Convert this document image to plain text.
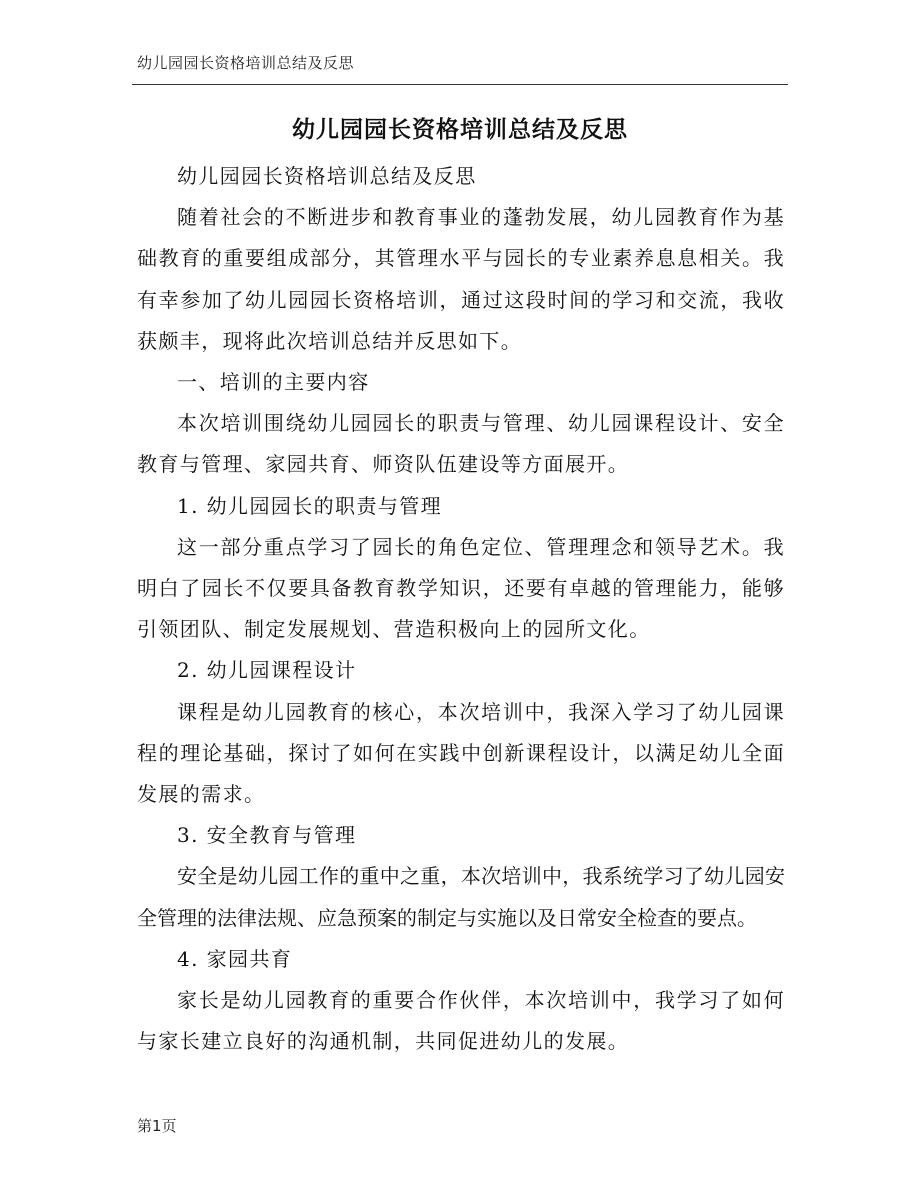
幼儿园园长资格培训总结及反思
幼儿园园长资格培训总结及反思

幼儿园园长资格培训总结及反思

随着社会的不断进步和教育事业的蓬勃发展，幼儿园教育作为基础教育的重要组成部分，其管理水平与园长的专业素养息息相关。我有幸参加了幼儿园园长资格培训，通过这段时间的学习和交流，我收获颇丰，现将此次培训总结并反思如下。

一、培训的主要内容

本次培训围绕幼儿园园长的职责与管理、幼儿园课程设计、安全教育与管理、家园共育、师资队伍建设等方面展开。

1. 幼儿园园长的职责与管理

这一部分重点学习了园长的角色定位、管理理念和领导艺术。我明白了园长不仅要具备教育教学知识，还要有卓越的管理能力，能够引领团队、制定发展规划、营造积极向上的园所文化。

2. 幼儿园课程设计

课程是幼儿园教育的核心，本次培训中，我深入学习了幼儿园课程的理论基础，探讨了如何在实践中创新课程设计，以满足幼儿全面发展的需求。

3. 安全教育与管理

安全是幼儿园工作的重中之重，本次培训中，我系统学习了幼儿园安全管理的法律法规、应急预案的制定与实施以及日常安全检查的要点。

4. 家园共育

家长是幼儿园教育的重要合作伙伴，本次培训中，我学习了如何与家长建立良好的沟通机制，共同促进幼儿的发展。

第1页
